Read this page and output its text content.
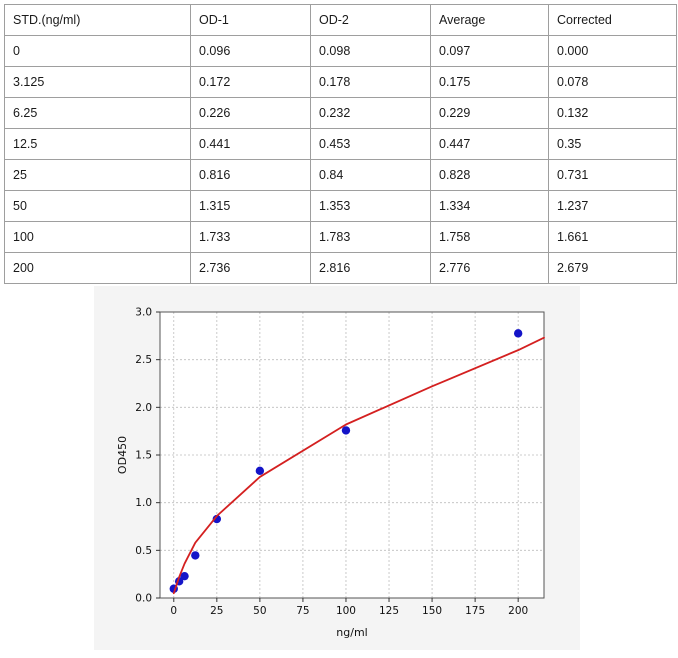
STD.(ng/ml)	OD-1	OD-2	Average	Corrected
0	0.096	0.098	0.097	0.000
3.125	0.172	0.178	0.175	0.078
6.25	0.226	0.232	0.229	0.132
12.5	0.441	0.453	0.447	0.35
25	0.816	0.84	0.828	0.731
50	1.315	1.353	1.334	1.237
100	1.733	1.783	1.758	1.661
200	2.736	2.816	2.776	2.679
0.0
0.5
1.0
1.5
2.0
2.5
3.0
0	25	50	75	100 125 150 175 200
ng/ml
OD450
